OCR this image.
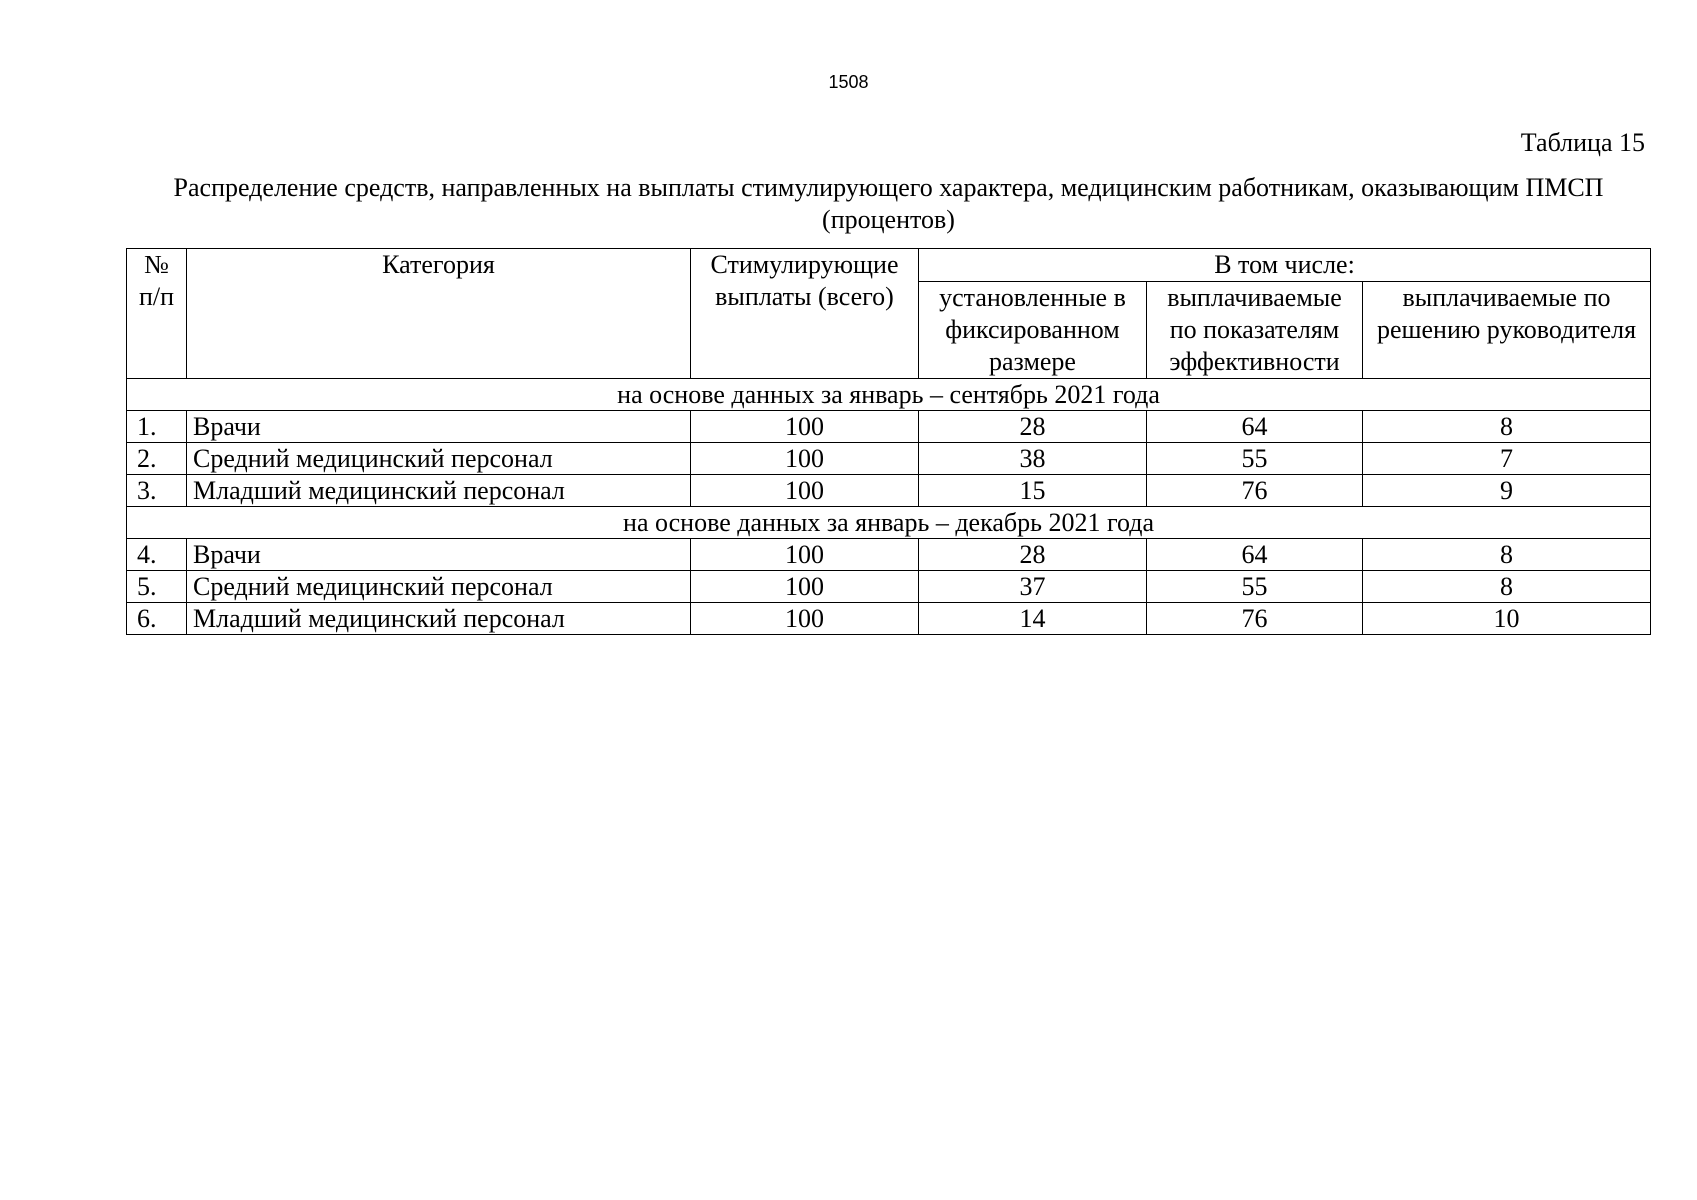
1508
Таблица 15
Распределение средств, направленных на выплаты стимулирующего характера, медицинским работникам, оказывающим ПМСП (процентов)
№ п/п	Категория	Стимулирующие выплаты (всего)	В том числе:		
			установленные в фиксированном размере	выплачиваемые по показателям эффективности	выплачиваемые по решению руководителя
на основе данных за январь – сентябрь 2021 года					
1.	Врачи	100	28	64	8
2.	Средний медицинский персонал	100	38	55	7
3.	Младший медицинский персонал	100	15	76	9
на основе данных за январь – декабрь 2021 года					
4.	Врачи	100	28	64	8
5.	Средний медицинский персонал	100	37	55	8
6.	Младший медицинский персонал	100	14	76	10
